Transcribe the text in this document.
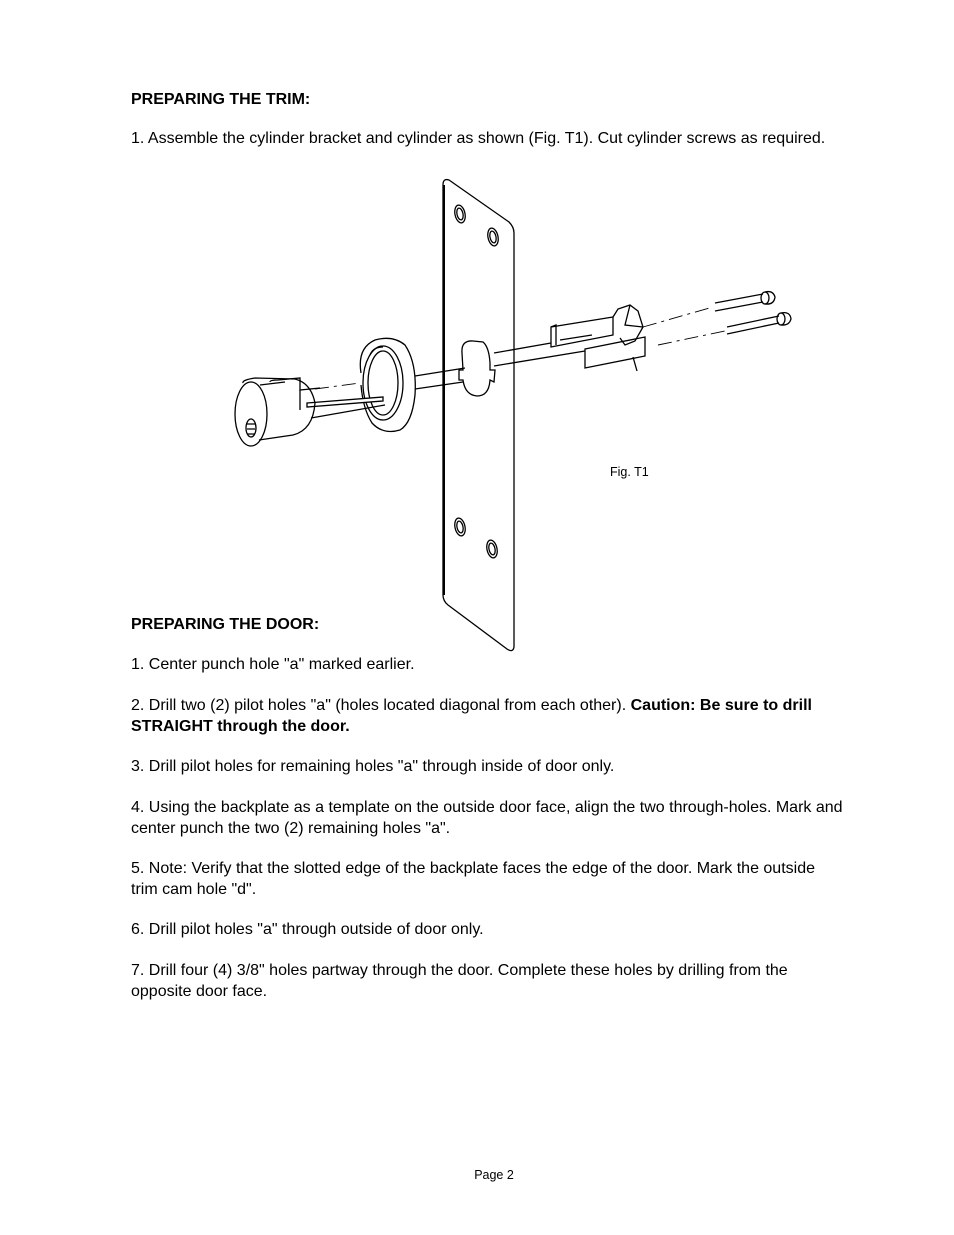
PREPARING THE TRIM:

1. Assemble the cylinder bracket and cylinder as shown (Fig. T1). Cut cylinder screws as required.

Fig. T1
PREPARING THE DOOR:

1. Center punch hole "a" marked earlier.

2. Drill two (2) pilot holes "a" (holes located diagonal from each other). Caution: Be sure to drill STRAIGHT through the door.

3. Drill pilot holes for remaining holes "a" through inside of door only.

4. Using the backplate as a template on the outside door face, align the two through-holes. Mark and center punch the two (2) remaining holes "a".

5. Note: Verify that the slotted edge of the backplate faces the edge of the door. Mark the outside trim cam hole "d".

6. Drill pilot holes "a" through outside of door only.

7. Drill four (4) 3/8" holes partway through the door. Complete these holes by drilling from the opposite door face.

Page 2
